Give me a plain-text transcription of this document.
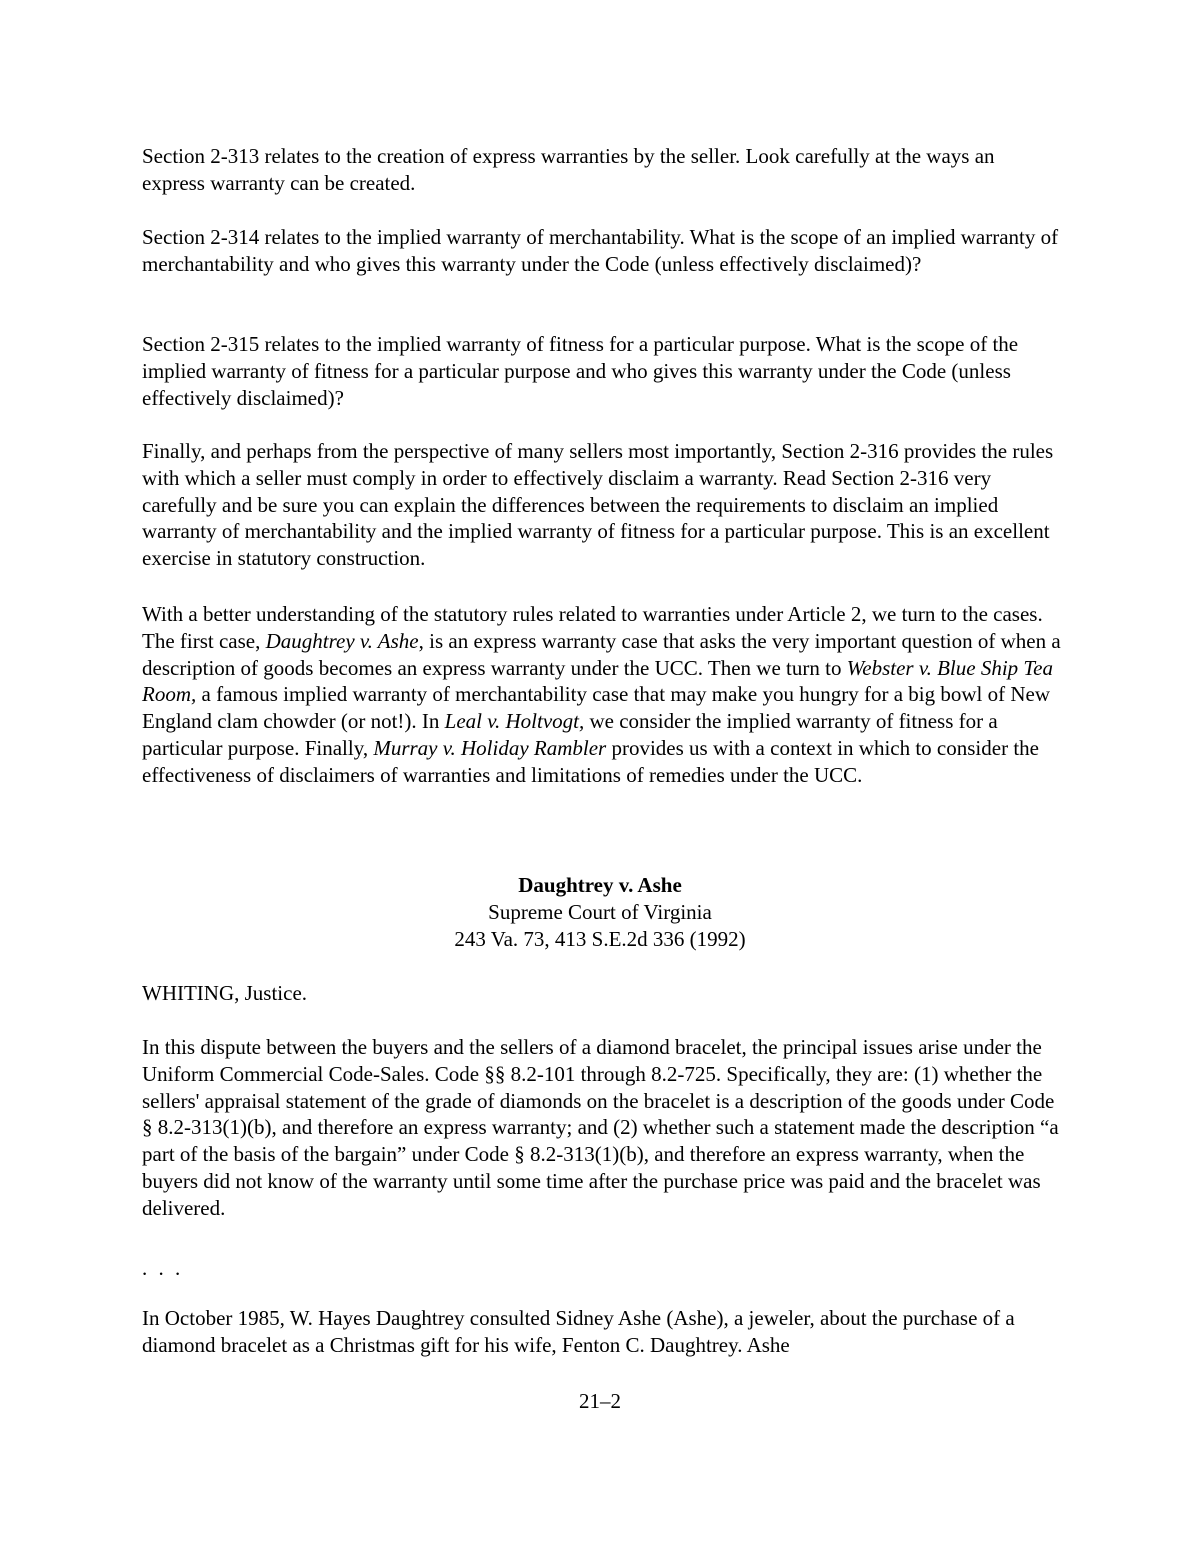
Section 2-313 relates to the creation of express warranties by the seller. Look carefully at the ways an express warranty can be created.

Section 2-314 relates to the implied warranty of merchantability. What is the scope of an implied warranty of merchantability and who gives this warranty under the Code (unless effectively disclaimed)?

Section 2-315 relates to the implied warranty of fitness for a particular purpose. What is the scope of the implied warranty of fitness for a particular purpose and who gives this warranty under the Code (unless effectively disclaimed)?

Finally, and perhaps from the perspective of many sellers most importantly, Section 2-316 provides the rules with which a seller must comply in order to effectively disclaim a warranty. Read Section 2-316 very carefully and be sure you can explain the differences between the requirements to disclaim an implied warranty of merchantability and the implied warranty of fitness for a particular purpose. This is an excellent exercise in statutory construction.

With a better understanding of the statutory rules related to warranties under Article 2, we turn to the cases. The first case, Daughtrey v. Ashe, is an express warranty case that asks the very important question of when a description of goods becomes an express warranty under the UCC. Then we turn to Webster v. Blue Ship Tea Room, a famous implied warranty of merchantability case that may make you hungry for a big bowl of New England clam chowder (or not!). In Leal v. Holtvogt, we consider the implied warranty of fitness for a particular purpose. Finally, Murray v. Holiday Rambler provides us with a context in which to consider the effectiveness of disclaimers of warranties and limitations of remedies under the UCC.

Daughtrey v. Ashe
Supreme Court of Virginia
243 Va. 73, 413 S.E.2d 336 (1992)

WHITING, Justice.

In this dispute between the buyers and the sellers of a diamond bracelet, the principal issues arise under the Uniform Commercial Code-Sales. Code §§ 8.2-101 through 8.2-725. Specifically, they are: (1) whether the sellers' appraisal statement of the grade of diamonds on the bracelet is a description of the goods under Code § 8.2-313(1)(b), and therefore an express warranty; and (2) whether such a statement made the description “a part of the basis of the bargain” under Code § 8.2-313(1)(b), and therefore an express warranty, when the buyers did not know of the warranty until some time after the purchase price was paid and the bracelet was delivered.

. . .

In October 1985, W. Hayes Daughtrey consulted Sidney Ashe (Ashe), a jeweler, about the purchase of a diamond bracelet as a Christmas gift for his wife, Fenton C. Daughtrey. Ashe

21–2
